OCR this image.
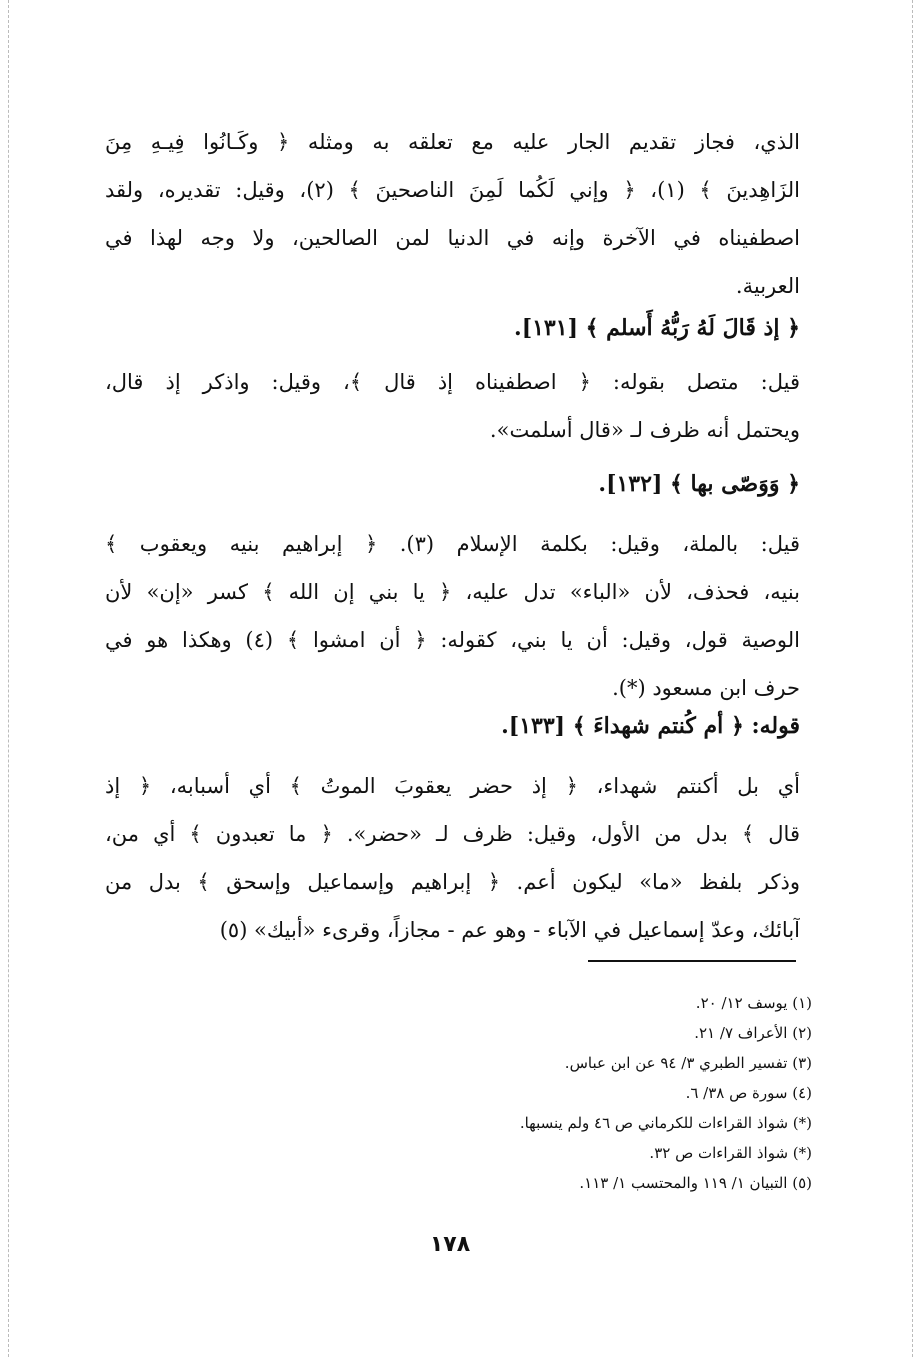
الذي، فجاز تقديم الجار عليه مع تعلقه به ومثله ﴿ وكَـانُوا فِيـهِ مِنَ
الزَاهِدينَ ﴾ (١)، ﴿ وإني لَكُما لَمِنَ الناصحينَ ﴾ (٢)، وقيل: تقديره، ولقد
اصطفيناه في الآخرة وإنه في الدنيا لمن الصالحين، ولا وجه لهذا في
العربية.
﴿ إذ قَالَ لَهُ رَبُّهُ أَسلم ﴾ [١٣١].
قيل: متصل بقوله: ﴿ اصطفيناه إذ قال ﴾، وقيل: واذكر إذ قال،
ويحتمل أنه ظرف لـ «قال أسلمت».
﴿ وَوَصّى بها ﴾ [١٣٢].
قيل: بالملة، وقيل: بكلمة الإسلام (٣). ﴿ إبراهيم بنيه ويعقوب ﴾
بنيه، فحذف، لأن «الباء» تدل عليه، ﴿ يا بني إن الله ﴾ كسر «إن» لأن
الوصية قول، وقيل: أن يا بني، كقوله: ﴿ أن امشوا ﴾ (٤) وهكذا هو في
حرف ابن مسعود (*).
قوله: ﴿ أم كُنتم شهداءَ ﴾ [١٣٣].
أي بل أكنتم شهداء، ﴿ إذ حضر يعقوبَ الموتُ ﴾ أي أسبابه، ﴿ إذ
قال ﴾ بدل من الأول، وقيل: ظرف لـ «حضر». ﴿ ما تعبدون ﴾ أي من،
وذكر بلفظ «ما» ليكون أعم. ﴿ إبراهيم وإسماعيل وإسحق ﴾ بدل من
آبائك، وعدّ إسماعيل في الآباء - وهو عم - مجازاً، وقرىء «أبيك» (٥)
(١) يوسف ١٢/ ٢٠.
(٢) الأعراف ٧/ ٢١.
(٣) تفسير الطبري ٣/ ٩٤ عن ابن عباس.
(٤) سورة ص ٣٨/ ٦.
(*) شواذ القراءات للكرماني ص ٤٦ ولم ينسبها.
(*) شواذ القراءات ص ٣٢.
(٥) التبيان ١/ ١١٩ والمحتسب ١/ ١١٣.
١٧٨
